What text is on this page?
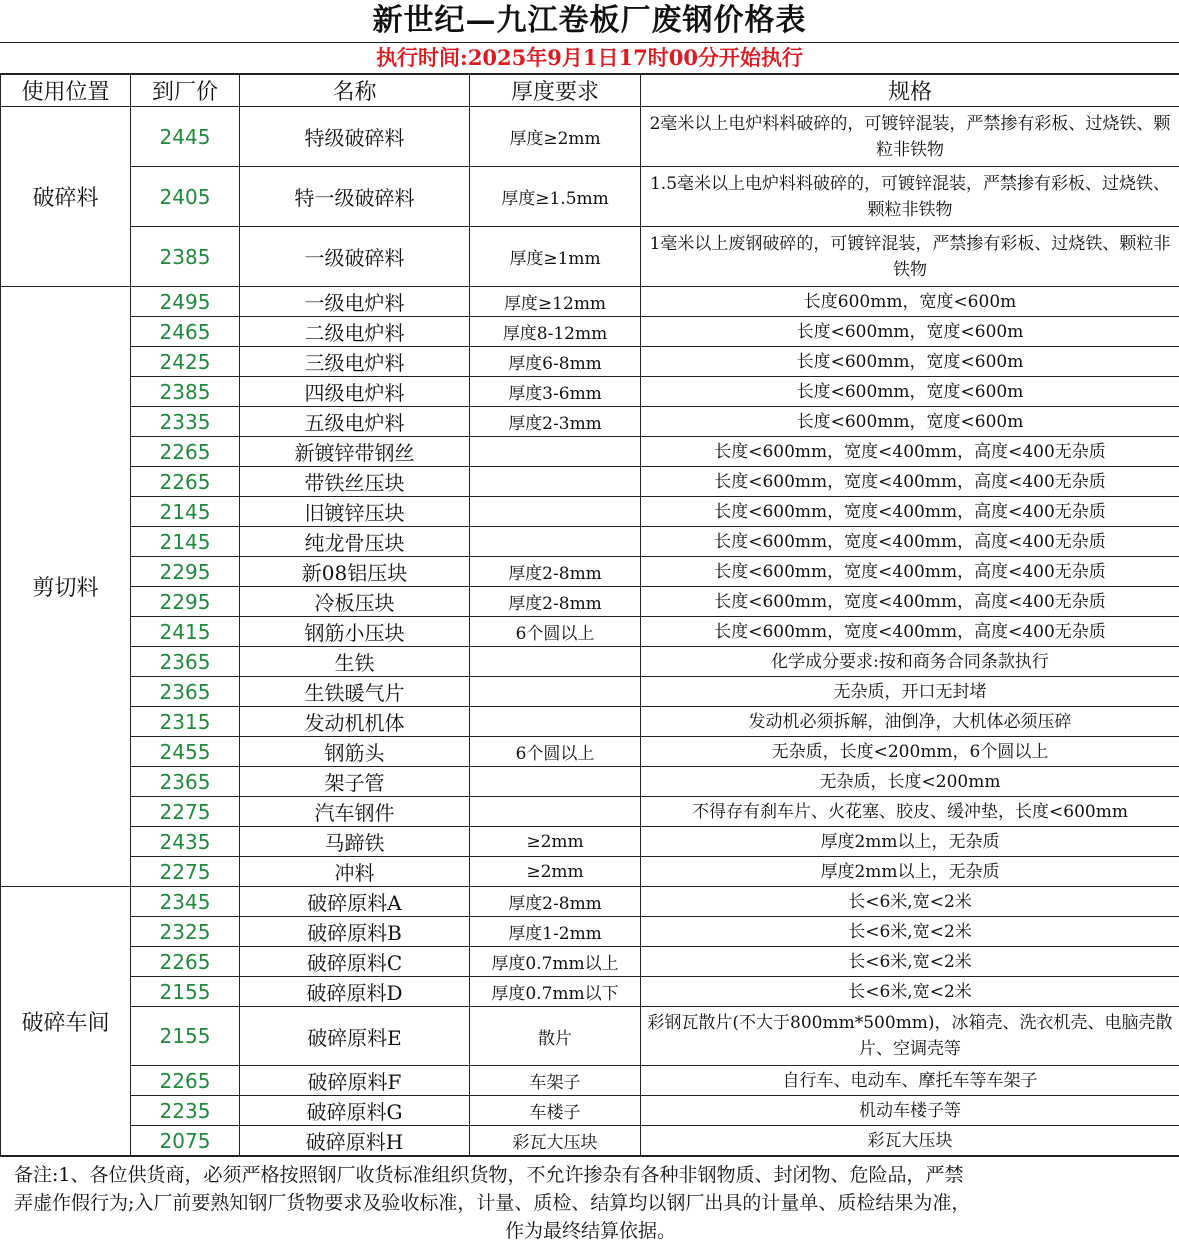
新世纪—九江卷板厂废钢价格表
执行时间:2025年9月1日17时00分开始执行
使用位置	到厂价	名称	厚度要求	规格
破碎料	2445	特级破碎料	厚度≥2mm	2毫米以上电炉料料破碎的，可镀锌混装，严禁掺有彩板、过烧铁、颗粒非铁物
	2405	特一级破碎料	厚度≥1.5mm	1.5毫米以上电炉料料破碎的，可镀锌混装，严禁掺有彩板、过烧铁、颗粒非铁物
	2385	一级破碎料	厚度≥1mm	1毫米以上废钢破碎的，可镀锌混装，严禁掺有彩板、过烧铁、颗粒非铁物
剪切料	2495	一级电炉料	厚度≥12mm	长度600mm，宽度<600m
	2465	二级电炉料	厚度8-12mm	长度<600mm，宽度<600m
	2425	三级电炉料	厚度6-8mm	长度<600mm，宽度<600m
	2385	四级电炉料	厚度3-6mm	长度<600mm，宽度<600m
	2335	五级电炉料	厚度2-3mm	长度<600mm，宽度<600m
	2265	新镀锌带钢丝		长度<600mm，宽度<400mm，高度<400无杂质
	2265	带铁丝压块		长度<600mm，宽度<400mm，高度<400无杂质
	2145	旧镀锌压块		长度<600mm，宽度<400mm，高度<400无杂质
	2145	纯龙骨压块		长度<600mm，宽度<400mm，高度<400无杂质
	2295	新08铝压块	厚度2-8mm	长度<600mm，宽度<400mm，高度<400无杂质
	2295	冷板压块	厚度2-8mm	长度<600mm，宽度<400mm，高度<400无杂质
	2415	钢筋小压块	6个圆以上	长度<600mm，宽度<400mm，高度<400无杂质
	2365	生铁		化学成分要求:按和商务合同条款执行
	2365	生铁暖气片		无杂质，开口无封堵
	2315	发动机机体		发动机必须拆解，油倒净，大机体必须压碎
	2455	钢筋头	6个圆以上	无杂质，长度<200mm，6个圆以上
	2365	架子管		无杂质，长度<200mm
	2275	汽车钢件		不得存有刹车片、火花塞、胶皮、缓冲垫，长度<600mm
	2435	马蹄铁	≥2mm	厚度2mm以上，无杂质
	2275	冲料	≥2mm	厚度2mm以上，无杂质
破碎车间	2345	破碎原料A	厚度2-8mm	长<6米,宽<2米
	2325	破碎原料B	厚度1-2mm	长<6米,宽<2米
	2265	破碎原料C	厚度0.7mm以上	长<6米,宽<2米
	2155	破碎原料D	厚度0.7mm以下	长<6米,宽<2米
	2155	破碎原料E	散片	彩钢瓦散片(不大于800mm*500mm)，冰箱壳、洗衣机壳、电脑壳散片、空调壳等
	2265	破碎原料F	车架子	自行车、电动车、摩托车等车架子
	2235	破碎原料G	车楼子	机动车楼子等
	2075	破碎原料H	彩瓦大压块	彩瓦大压块
备注:1、各位供货商，必须严格按照钢厂收货标准组织货物，不允许掺杂有各种非钢物质、封闭物、危险品，严禁
弄虚作假行为;入厂前要熟知钢厂货物要求及验收标准，计量、质检、结算均以钢厂出具的计量单、质检结果为准，
作为最终结算依据。
